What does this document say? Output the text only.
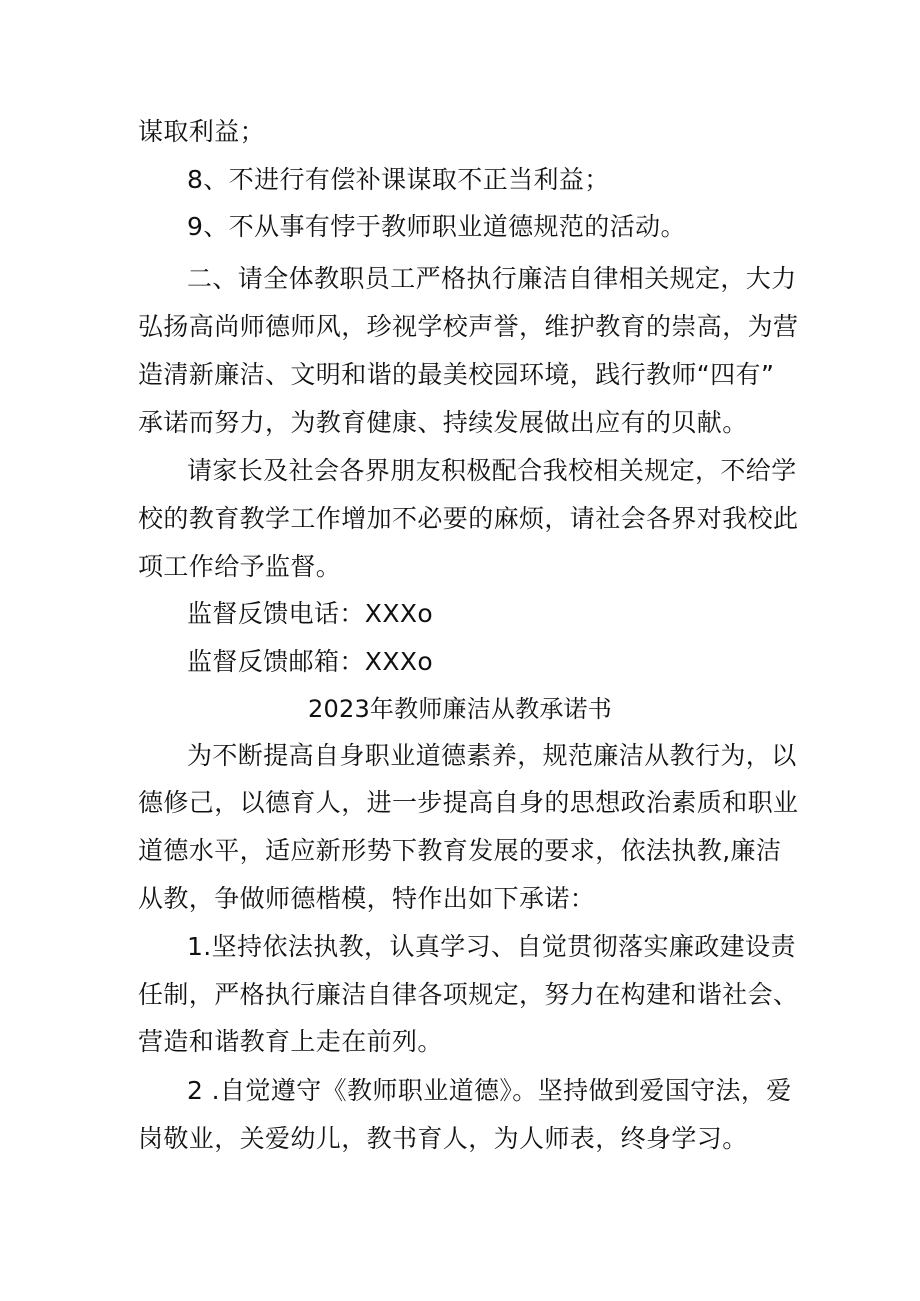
谋取利益；
8、不进行有偿补课谋取不正当利益；
9、不从事有悖于教师职业道德规范的活动。
二、请全体教职员工严格执行廉洁自律相关规定，大力
弘扬高尚师德师风，珍视学校声誉，维护教育的崇高，为营
造清新廉洁、文明和谐的最美校园环境，践行教师“四有”
承诺而努力，为教育健康、持续发展做出应有的贝献。
请家长及社会各界朋友积极配合我校相关规定，不给学
校的教育教学工作增加不必要的麻烦，请社会各界对我校此
项工作给予监督。
监督反馈电话：XXXo
监督反馈邮箱：XXXo
2023年教师廉洁从教承诺书
为不断提高自身职业道德素养，规范廉洁从教行为，以
德修己，以德育人，进一步提高自身的思想政治素质和职业
道德水平，适应新形势下教育发展的要求，依法执教,廉洁
从教，争做师德楷模，特作出如下承诺：
1.坚持依法执教，认真学习、自觉贯彻落实廉政建设责
任制，严格执行廉洁自律各项规定，努力在构建和谐社会、
营造和谐教育上走在前列。
2 .自觉遵守《教师职业道德》。坚持做到爱国守法，爱
岗敬业，关爱幼儿，教书育人，为人师表，终身学习。
